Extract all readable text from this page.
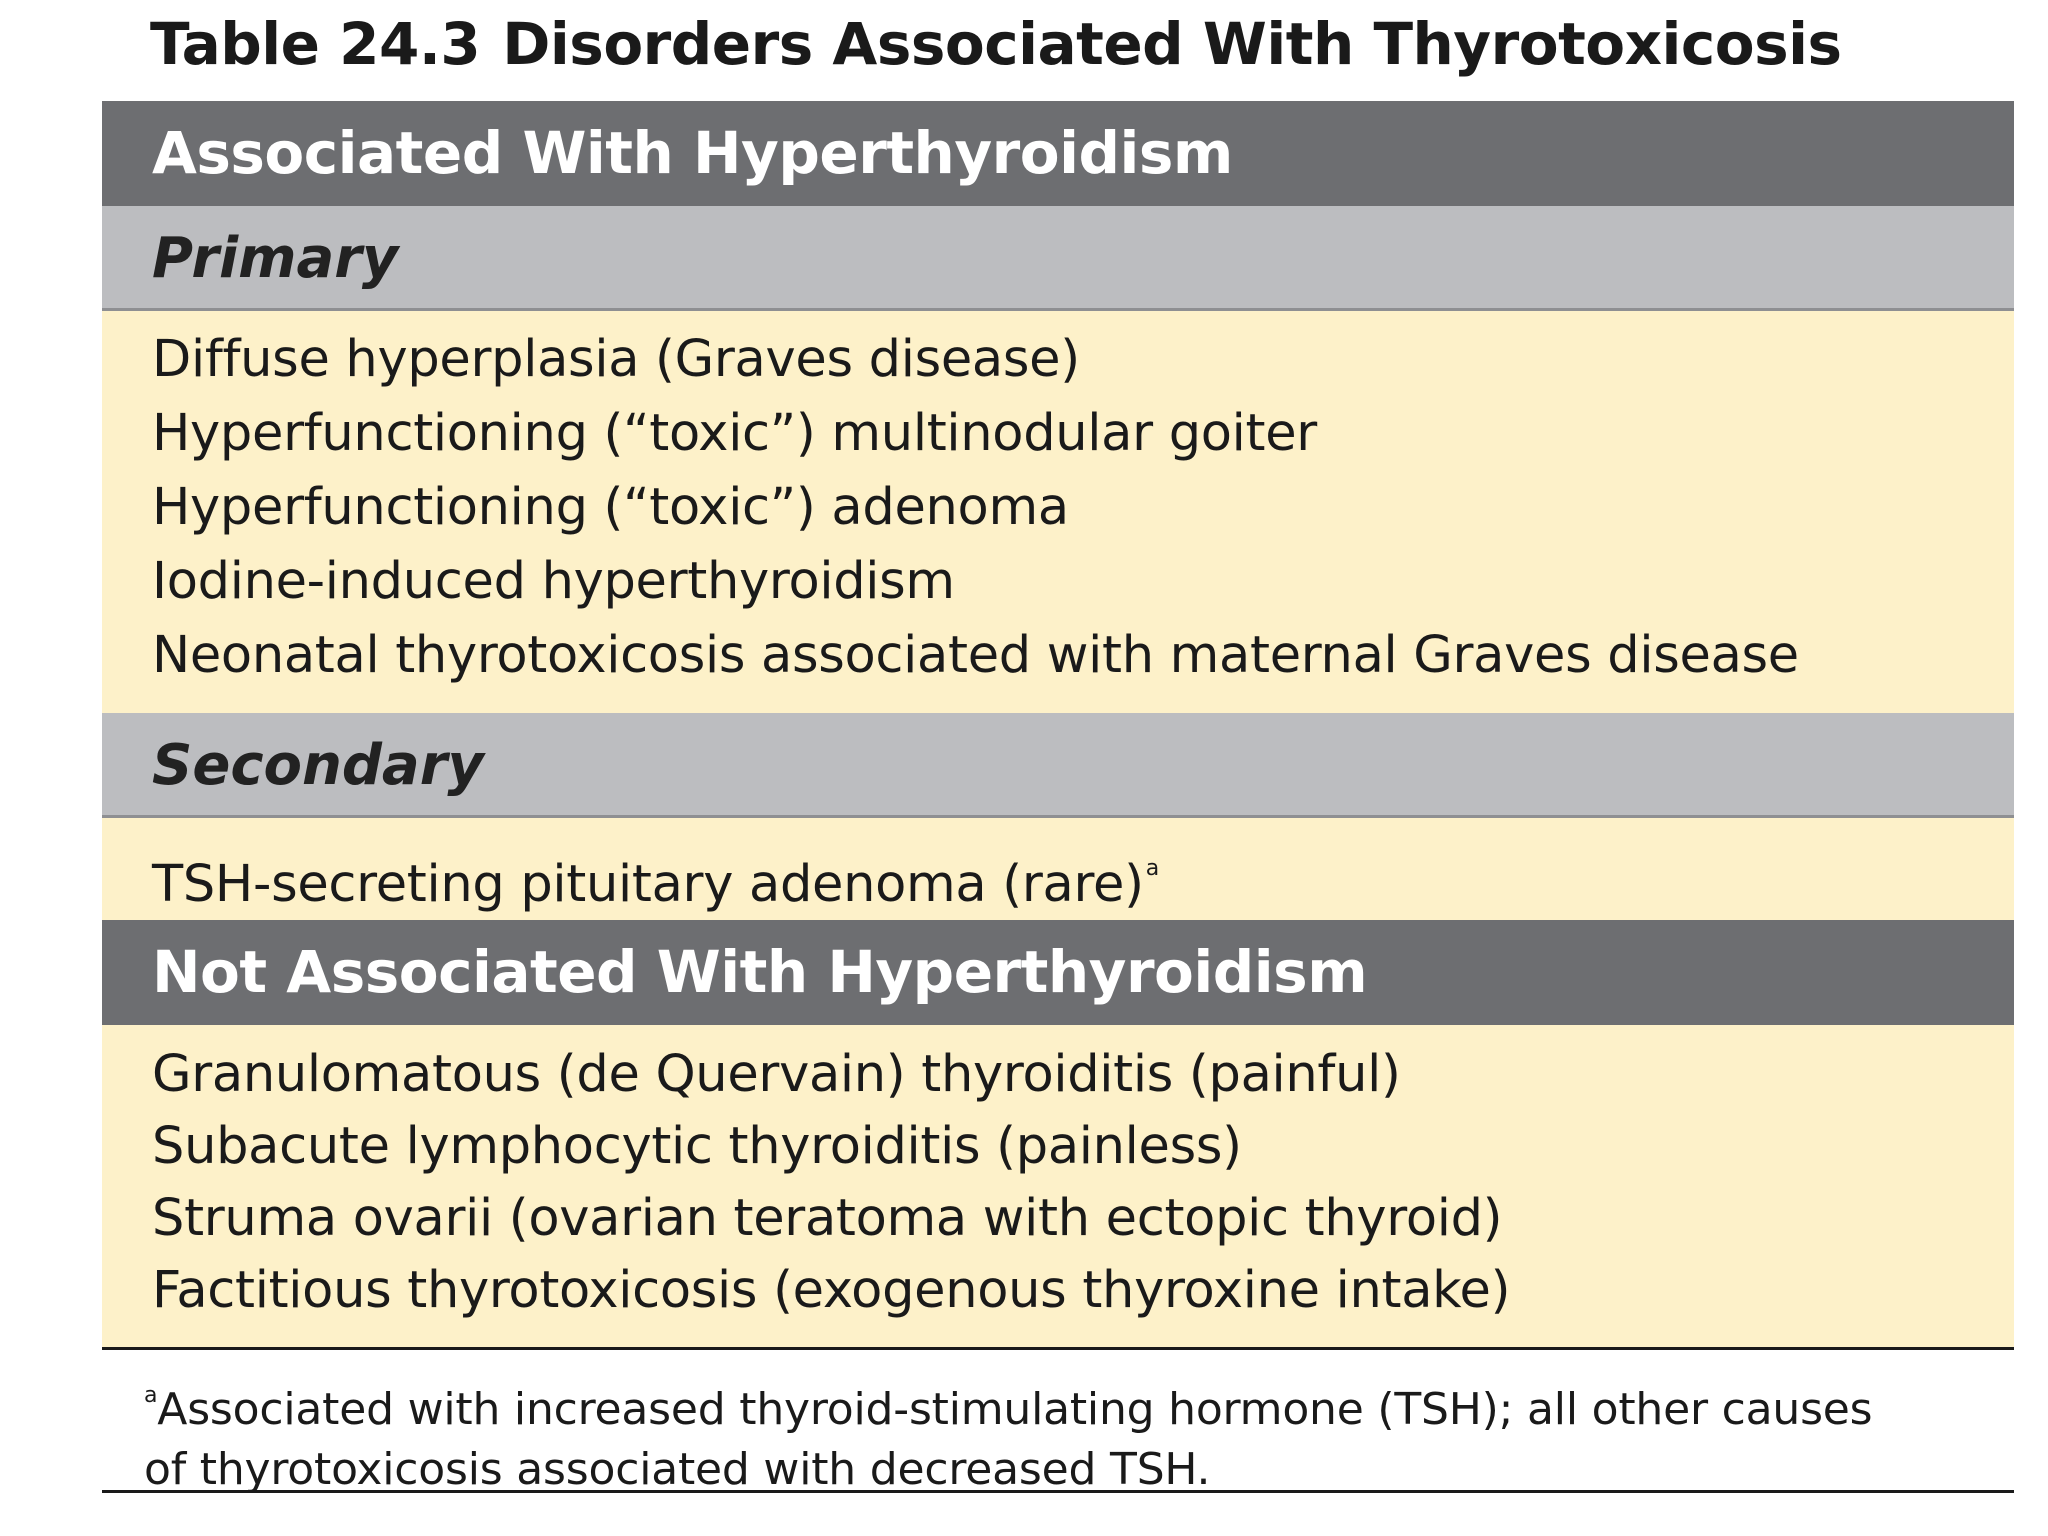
Table 24.3 Disorders Associated With Thyrotoxicosis
Associated With Hyperthyroidism
Primary
Diffuse hyperplasia (Graves disease)
Hyperfunctioning (“toxic”) multinodular goiter
Hyperfunctioning (“toxic”) adenoma
Iodine-induced hyperthyroidism
Neonatal thyrotoxicosis associated with maternal Graves disease
Secondary
TSH-secreting pituitary adenoma (rare)$^a$
Not Associated With Hyperthyroidism
Granulomatous (de Quervain) thyroiditis (painful)
Subacute lymphocytic thyroiditis (painless)
Struma ovarii (ovarian teratoma with ectopic thyroid)
Factitious thyrotoxicosis (exogenous thyroxine intake)
$^a$Associated with increased thyroid-stimulating hormone (TSH); all other causes
of thyrotoxicosis associated with decreased TSH.
